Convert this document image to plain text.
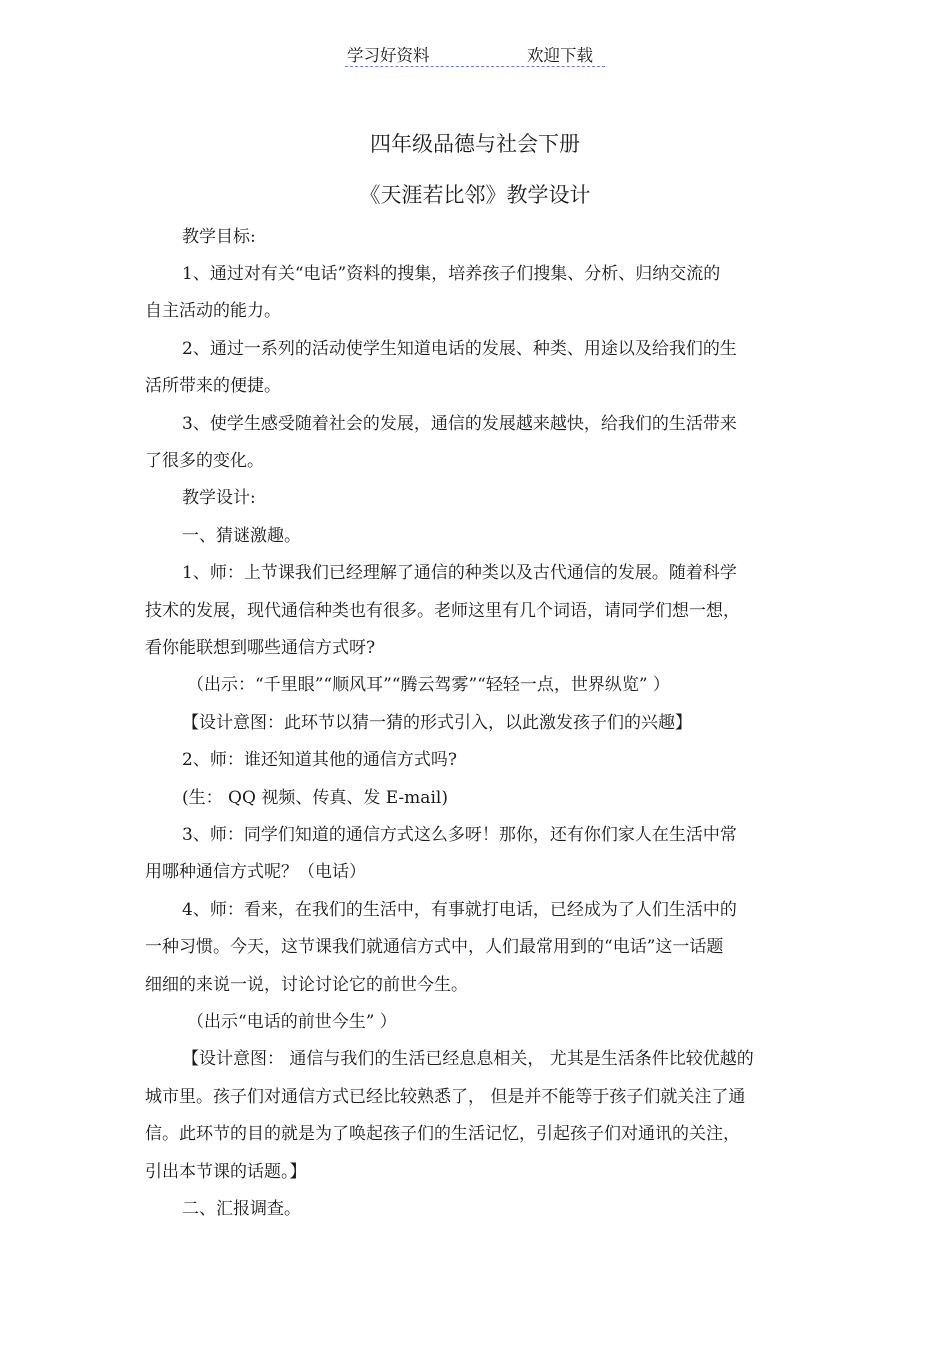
学习好资料	欢迎下载
四年级品德与社会下册
《天涯若比邻》教学设计
教学目标:
1、通过对有关“电话”资料的搜集，培养孩子们搜集、分析、归纳交流的
自主活动的能力。
2、通过一系列的活动使学生知道电话的发展、种类、用途以及给我们的生
活所带来的便捷。
3、使学生感受随着社会的发展，通信的发展越来越快，给我们的生活带来
了很多的变化。
教学设计:
一、猜谜激趣。
1、师：上节课我们已经理解了通信的种类以及古代通信的发展。随着科学
技术的发展，现代通信种类也有很多。老师这里有几个词语，请同学们想一想，
看你能联想到哪些通信方式呀?
（出示：“千里眼”“顺风耳”“腾云驾雾”“轻轻一点，世界纵览” ）
【设计意图：此环节以猜一猜的形式引入，以此激发孩子们的兴趣】
2、师：谁还知道其他的通信方式吗?
(生： QQ 视频、传真、发 E-mail)
3、师：同学们知道的通信方式这么多呀！那你，还有你们家人在生活中常
用哪种通信方式呢？（电话）
4、师：看来，在我们的生活中，有事就打电话，已经成为了人们生活中的
一种习惯。今天，这节课我们就通信方式中，人们最常用到的“电话”这一话题
细细的来说一说，讨论讨论它的前世今生。
（出示“电话的前世今生” ）
【设计意图： 通信与我们的生活已经息息相关， 尤其是生活条件比较优越的
城市里。孩子们对通信方式已经比较熟悉了， 但是并不能等于孩子们就关注了通
信。此环节的目的就是为了唤起孩子们的生活记忆，引起孩子们对通讯的关注，
引出本节课的话题。】
二、汇报调查。
